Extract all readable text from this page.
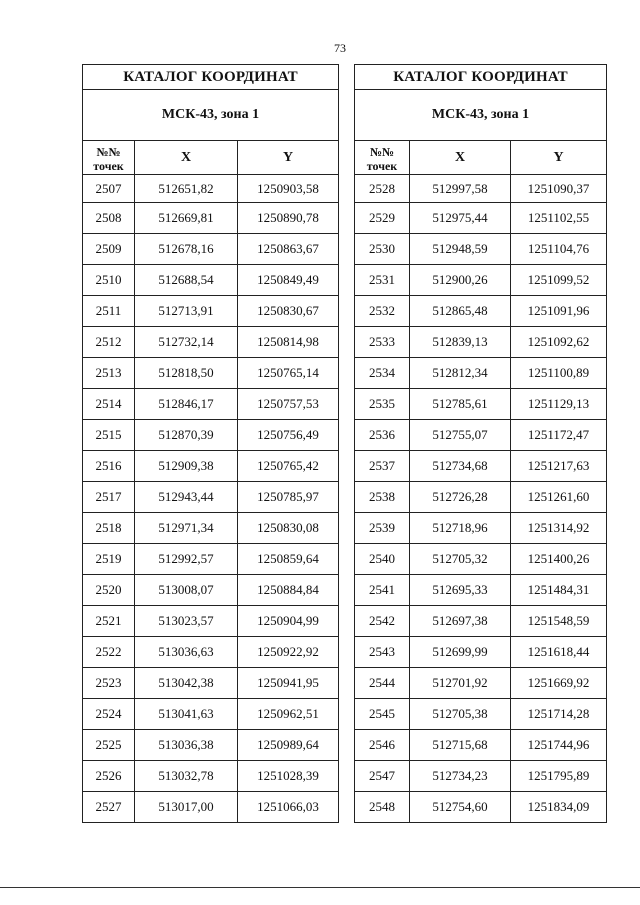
73
КАТАЛОГ КООРДИНАТ		
МСК-43, зона 1		

№№
точек	X	Y
2507	512651,82	1250903,58
2508	512669,81	1250890,78
2509	512678,16	1250863,67
2510	512688,54	1250849,49
2511	512713,91	1250830,67
2512	512732,14	1250814,98
2513	512818,50	1250765,14
2514	512846,17	1250757,53
2515	512870,39	1250756,49
2516	512909,38	1250765,42
2517	512943,44	1250785,97
2518	512971,34	1250830,08
2519	512992,57	1250859,64
2520	513008,07	1250884,84
2521	513023,57	1250904,99
2522	513036,63	1250922,92
2523	513042,38	1250941,95
2524	513041,63	1250962,51
2525	513036,38	1250989,64
2526	513032,78	1251028,39
2527	513017,00	1251066,03
КАТАЛОГ КООРДИНАТ		
МСК-43, зона 1		

№№
точек	X	Y
2528	512997,58	1251090,37
2529	512975,44	1251102,55
2530	512948,59	1251104,76
2531	512900,26	1251099,52
2532	512865,48	1251091,96
2533	512839,13	1251092,62
2534	512812,34	1251100,89
2535	512785,61	1251129,13
2536	512755,07	1251172,47
2537	512734,68	1251217,63
2538	512726,28	1251261,60
2539	512718,96	1251314,92
2540	512705,32	1251400,26
2541	512695,33	1251484,31
2542	512697,38	1251548,59
2543	512699,99	1251618,44
2544	512701,92	1251669,92
2545	512705,38	1251714,28
2546	512715,68	1251744,96
2547	512734,23	1251795,89
2548	512754,60	1251834,09
